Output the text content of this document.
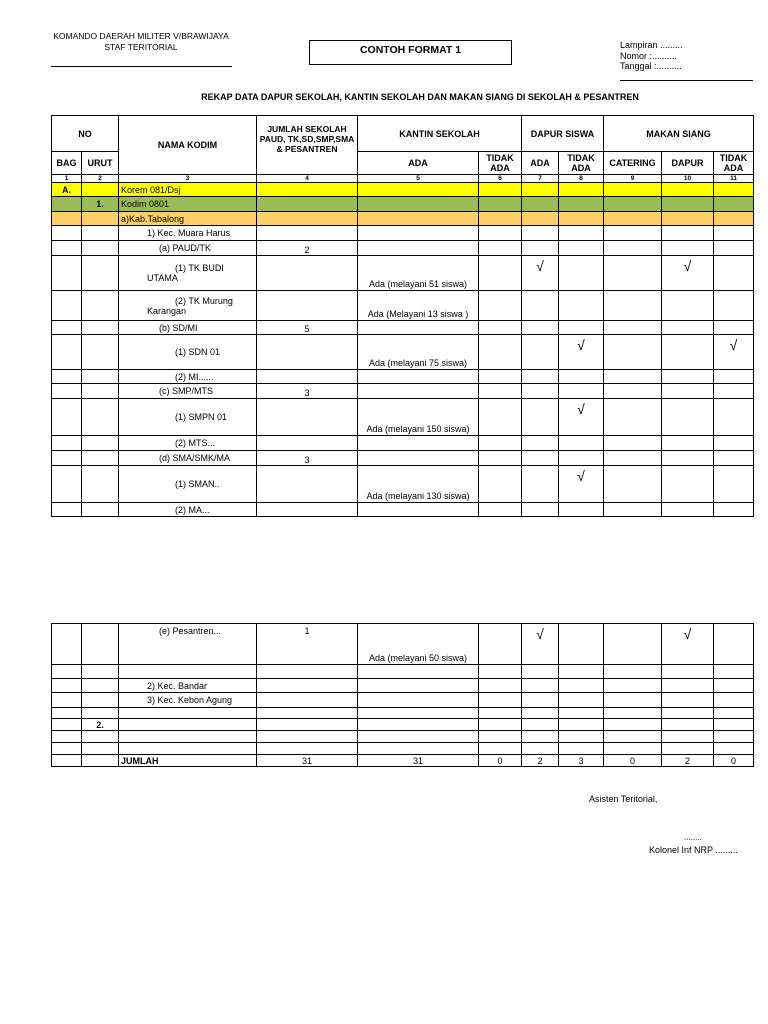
KOMANDO DAERAH MILITER V/BRAWIJAYA
STAF TERITORIAL	CONTOH FORMAT 1	Lampiran .........
Nomor :..........
Tanggal :..........
REKAP DATA DAPUR SEKOLAH, KANTIN SEKOLAH DAN MAKAN SIANG DI SEKOLAH & PESANTREN
NO		NAMA KODIM	JUMLAH SEKOLAH PAUD, TK,SD,SMP,SMA & PESANTREN	KANTIN SEKOLAH		DAPUR SISWA		MAKAN SIANG		
BAG	URUT			ADA	TIDAK ADA	ADA	TIDAK ADA	CATERING	DAPUR	TIDAK ADA
1	2	3	4	5	6	7	8	9	10	11
A.		Korem 081/Dsj								
	1.	Kodim 0801								
		a)Kab.Tabalong								
		1) Kec. Muara Harus								
		(a) PAUD/TK	2							
		(1) TK BUDI UTAMA		Ada (melayani 51 siswa)		√			√	
		(2) TK Murung Karangan		Ada (Melayani 13 siswa )						
		(b) SD/MI	5							
		(1) SDN 01		Ada (melayani 75 siswa)			√			√
		(2) MI......								
		(c) SMP/MTS	3							
		(1) SMPN 01		Ada (melayani 150 siswa)			√			
		(2) MTS...								
		(d) SMA/SMK/MA	3							
		(1) SMAN..		Ada (melayani 130 siswa)			√			
		(2) MA...								
		(e) Pesantren...	1	Ada (melayani 50 siswa)		√			√	

		2) Kec. Bandar								
		3) Kec. Kebon Agung								

	2.									

		JUMLAH	31	31	0	2	3	0	2	0
Asisten Teritorial,
........
Kolonel Inf NRP .........
